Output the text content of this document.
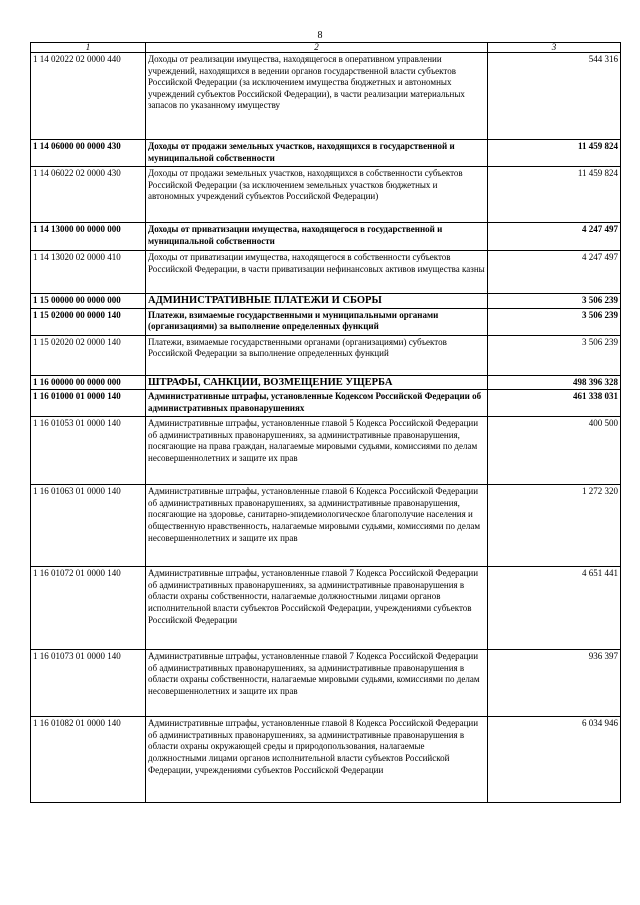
8
1	2	3
1 14 02022 02 0000 440	Доходы от реализации имущества, находящегося в оперативном управлении учреждений, находящихся в ведении органов государственной власти субъектов Российской Федерации (за исключением имущества бюджетных и автономных учреждений субъектов Российской Федерации), в части реализации материальных запасов по указанному имуществу	544 316
1 14 06000 00 0000 430	Доходы от продажи земельных участков, находящихся в государственной и муниципальной собственности	11 459 824
1 14 06022 02 0000 430	Доходы от продажи земельных участков, находящихся в собственности субъектов Российской Федерации (за исключением земельных участков бюджетных и автономных учреждений субъектов Российской Федерации)	11 459 824
1 14 13000 00 0000 000	Доходы от приватизации имущества, находящегося в государственной и муниципальной собственности	4 247 497
1 14 13020 02 0000 410	Доходы от приватизации имущества, находящегося в собственности субъектов Российской Федерации, в части приватизации нефинансовых активов имущества казны	4 247 497
1 15 00000 00 0000 000	АДМИНИСТРАТИВНЫЕ ПЛАТЕЖИ И СБОРЫ	3 506 239
1 15 02000 00 0000 140	Платежи, взимаемые государственными и муниципальными органами (организациями) за выполнение определенных функций	3 506 239
1 15 02020 02 0000 140	Платежи, взимаемые государственными органами (организациями) субъектов Российской Федерации за выполнение определенных функций	3 506 239
1 16 00000 00 0000 000	ШТРАФЫ, САНКЦИИ, ВОЗМЕЩЕНИЕ УЩЕРБА	498 396 328
1 16 01000 01 0000 140	Административные штрафы, установленные Кодексом Российской Федерации об административных правонарушениях	461 338 031
1 16 01053 01 0000 140	Административные штрафы, установленные главой 5 Кодекса Российской Федерации об административных правонарушениях, за административные правонарушения, посягающие на права граждан, налагаемые мировыми судьями, комиссиями по делам несовершеннолетних и защите их прав	400 500
1 16 01063 01 0000 140	Административные штрафы, установленные главой 6 Кодекса Российской Федерации об административных правонарушениях, за административные правонарушения, посягающие на здоровье, санитарно-эпидемиологическое благополучие населения и общественную нравственность, налагаемые мировыми судьями, комиссиями по делам несовершеннолетних и защите их прав	1 272 320
1 16 01072 01 0000 140	Административные штрафы, установленные главой 7 Кодекса Российской Федерации об административных правонарушениях, за административные правонарушения в области охраны собственности, налагаемые должностными лицами органов исполнительной власти субъектов Российской Федерации, учреждениями субъектов Российской Федерации	4 651 441
1 16 01073 01 0000 140	Административные штрафы, установленные главой 7 Кодекса Российской Федерации об административных правонарушениях, за административные правонарушения в области охраны собственности, налагаемые мировыми судьями, комиссиями по делам несовершеннолетних и защите их прав	936 397
1 16 01082 01 0000 140	Административные штрафы, установленные главой 8 Кодекса Российской Федерации об административных правонарушениях, за административные правонарушения в области охраны окружающей среды и природопользования, налагаемые должностными лицами органов исполнительной власти субъектов Российской Федерации, учреждениями субъектов Российской Федерации	6 034 946
